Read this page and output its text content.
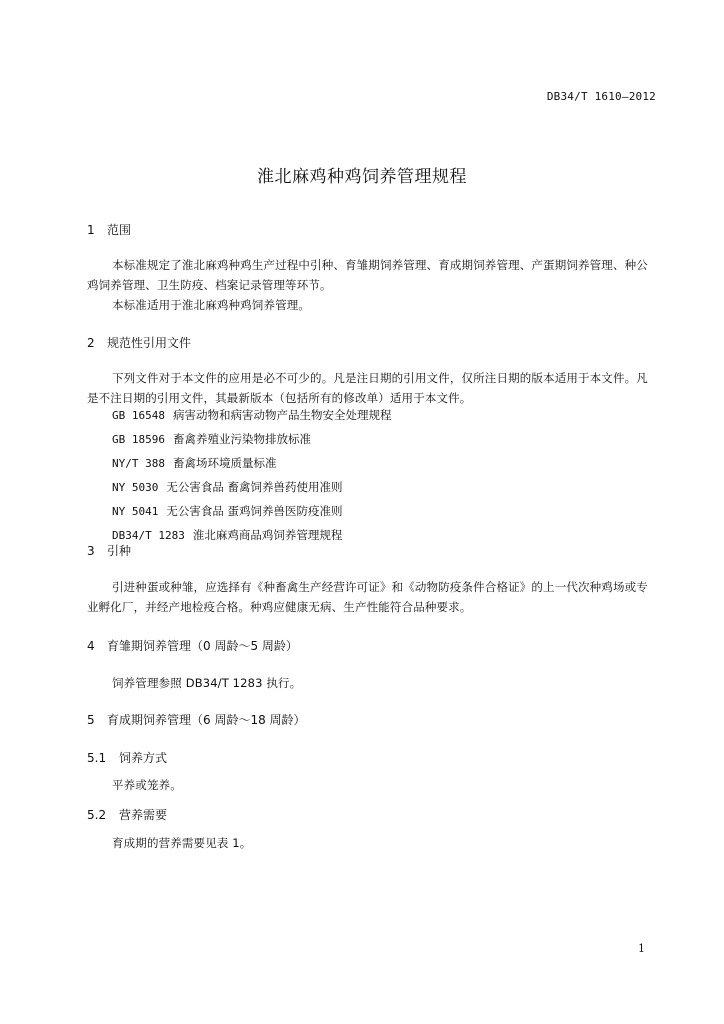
DB34/T 1610—2012
淮北麻鸡种鸡饲养管理规程
1 范围
本标准规定了淮北麻鸡种鸡生产过程中引种、育雏期饲养管理、育成期饲养管理、产蛋期饲养管理、种公鸡饲养管理、卫生防疫、档案记录管理等环节。
本标准适用于淮北麻鸡种鸡饲养管理。
2 规范性引用文件
下列文件对于本文件的应用是必不可少的。凡是注日期的引用文件，仅所注日期的版本适用于本文件。凡是不注日期的引用文件，其最新版本（包括所有的修改单）适用于本文件。
GB 16548 病害动物和病害动物产品生物安全处理规程
GB 18596 畜禽养殖业污染物排放标准
NY/T 388 畜禽场环境质量标准
NY 5030 无公害食品 畜禽饲养兽药使用准则
NY 5041 无公害食品 蛋鸡饲养兽医防疫准则
DB34/T 1283 淮北麻鸡商品鸡饲养管理规程
3 引种
引进种蛋或种雏，应选择有《种畜禽生产经营许可证》和《动物防疫条件合格证》的上一代次种鸡场或专业孵化厂，并经产地检疫合格。种鸡应健康无病、生产性能符合品种要求。
4 育雏期饲养管理（0 周龄～5 周龄）
饲养管理参照 DB34/T 1283 执行。
5 育成期饲养管理（6 周龄～18 周龄）
5.1 饲养方式
平养或笼养。
5.2 营养需要
育成期的营养需要见表 1。
1
